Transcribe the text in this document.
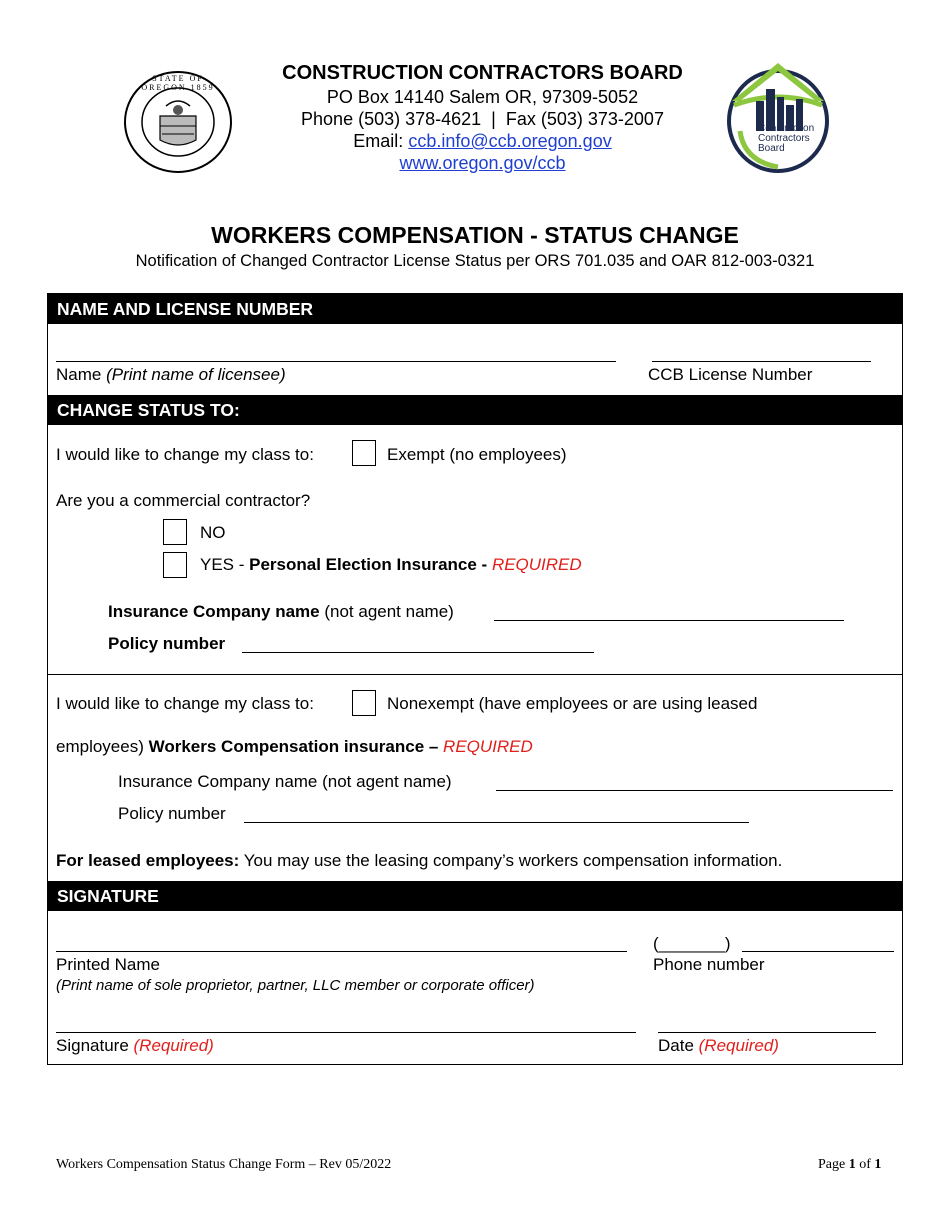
STATE OF OREGON 1859
CONSTRUCTION CONTRACTORS BOARD
PO Box 14140 Salem OR, 97309-5052
Phone (503) 378-4621  |  Fax (503) 373-2007
Email: ccb.info@ccb.oregon.gov
www.oregon.gov/ccb
Construction
Contractors
Board
WORKERS COMPENSATION - STATUS CHANGE
Notification of Changed Contractor License Status per ORS 701.035 and OAR 812-003-0321
NAME AND LICENSE NUMBER
Name (Print name of licensee)	CCB License Number
CHANGE STATUS TO:
I would like to change my class to:	Exempt (no employees)
Are you a commercial contractor?
NO
YES - Personal Election Insurance - REQUIRED
Insurance Company name (not agent name)
Policy number
I would like to change my class to:	Nonexempt (have employees or are using leased
employees) Workers Compensation insurance – REQUIRED
Insurance Company name (not agent name)
Policy number
For leased employees: You may use the leasing company’s workers compensation information.
SIGNATURE
(_______)
Printed Name	Phone number
(Print name of sole proprietor, partner, LLC member or corporate officer)
Signature (Required)	Date (Required)
Workers Compensation Status Change Form – Rev 05/2022	Page 1 of 1
